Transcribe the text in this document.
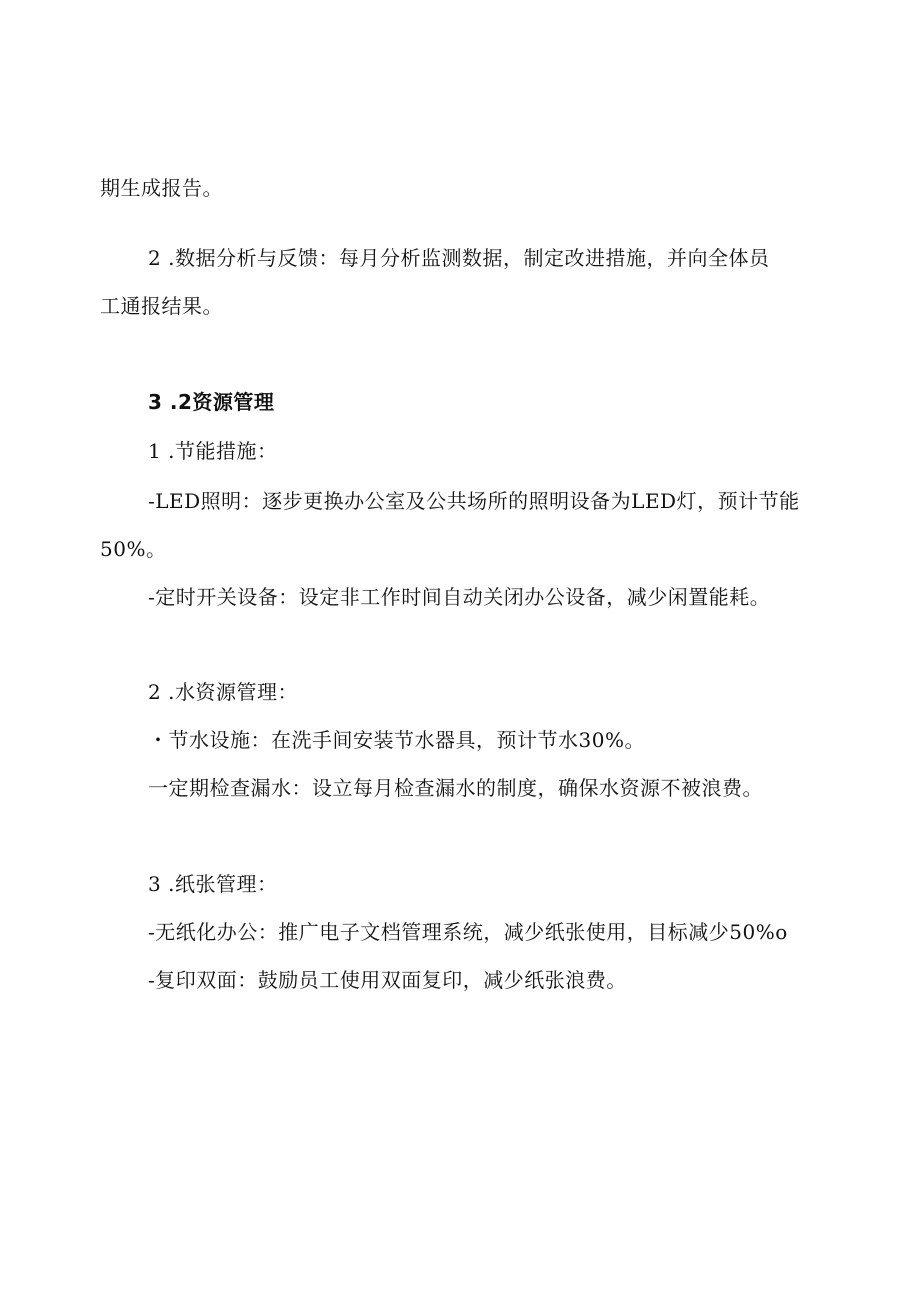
期生成报告。

2 .数据分析与反馈：每月分析监测数据，制定改进措施，并向全体员

工通报结果。

3 .2资源管理

1 .节能措施：

-LED照明：逐步更换办公室及公共场所的照明设备为LED灯，预计节能

50%。

-定时开关设备：设定非工作时间自动关闭办公设备，减少闲置能耗。

2 .水资源管理：

・节水设施：在洗手间安装节水器具，预计节水30%。

一定期检查漏水：设立每月检查漏水的制度，确保水资源不被浪费。

3 .纸张管理：

-无纸化办公：推广电子文档管理系统，减少纸张使用，目标减少50%o

-复印双面：鼓励员工使用双面复印，减少纸张浪费。
